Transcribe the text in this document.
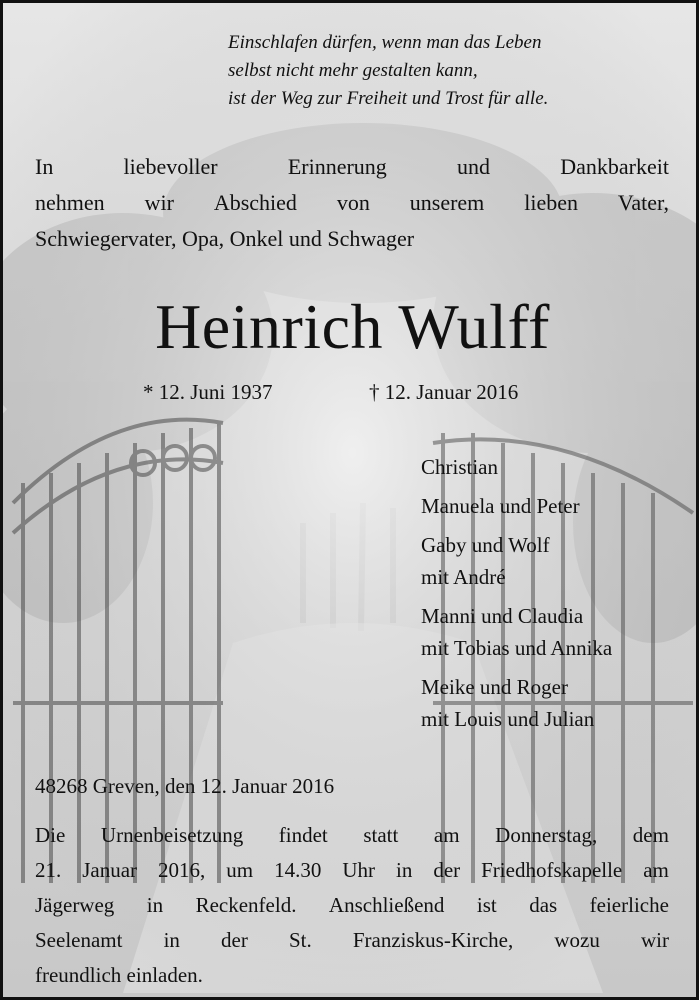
Einschlafen dürfen, wenn man das Leben
selbst nicht mehr gestalten kann,
ist der Weg zur Freiheit und Trost für alle.
In	liebevoller	Erinnerung	und	Dankbarkeit
nehmen wir Abschied von unserem lieben Vater,
Schwiegervater, Opa, Onkel und Schwager
Heinrich Wulff
* 12. Juni 1937	† 12. Januar 2016
Christian
Manuela und Peter
Gaby und Wolf
mit André
Manni und Claudia
mit Tobias und Annika
Meike und Roger
mit Louis und Julian
48268 Greven, den 12. Januar 2016
Die Urnenbeisetzung findet statt am Donnerstag, dem
21. Januar 2016, um 14.30 Uhr in der Friedhofskapelle am
Jägerweg in Reckenfeld. Anschließend ist das feierliche
Seelenamt in der St. Franziskus-Kirche, wozu wir
freundlich einladen.
